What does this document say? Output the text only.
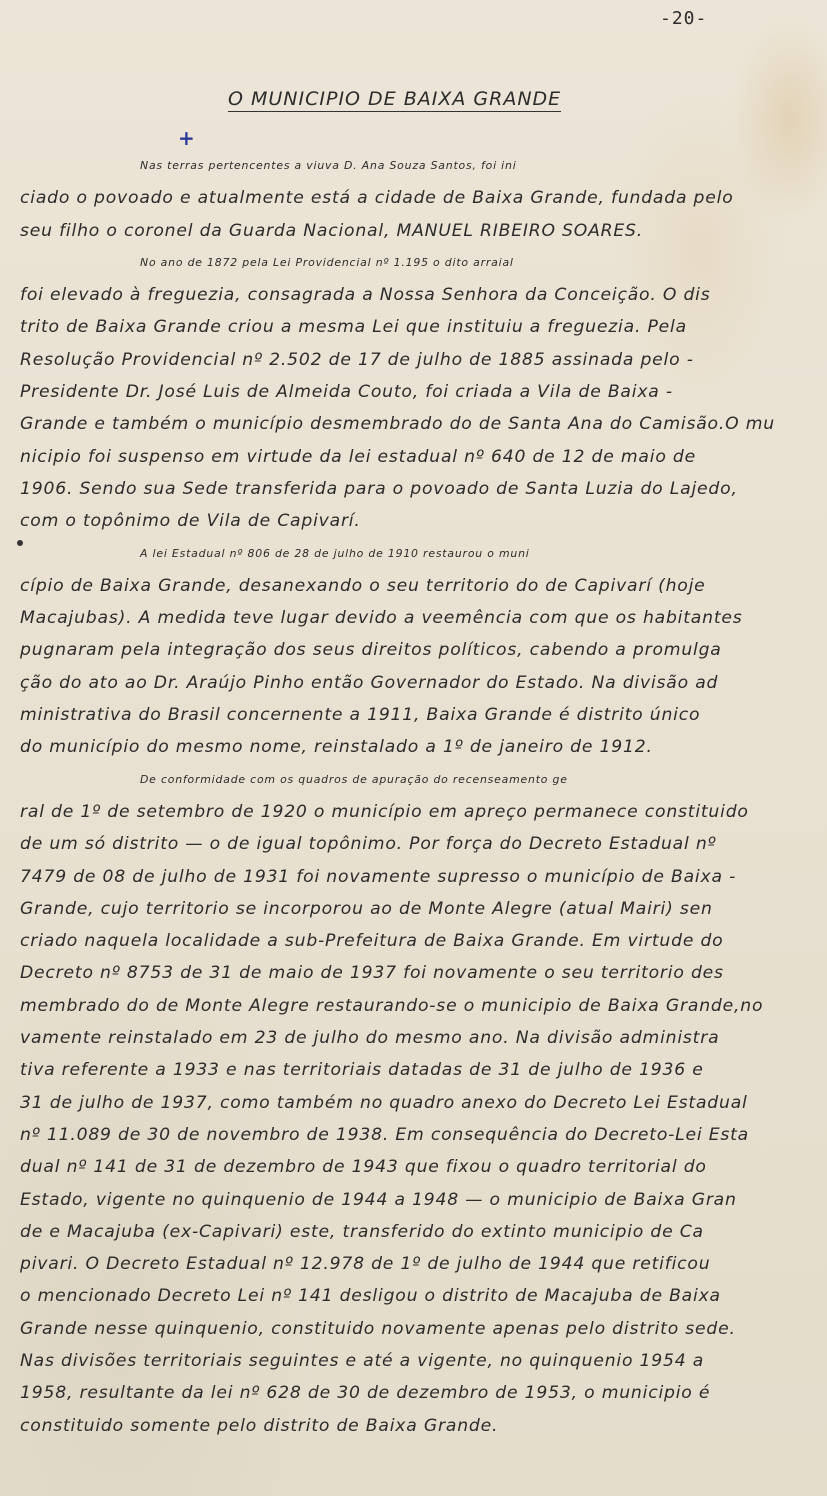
-20-
O MUNICIPIO DE BAIXA GRANDE
+
Nas terras pertencentes a viuva D. Ana Souza Santos, foi ini
ciado o povoado e atualmente está a cidade de Baixa Grande, fundada pelo
seu filho o coronel da Guarda Nacional, MANUEL RIBEIRO SOARES.
No ano de 1872 pela Lei Providencial nº 1.195 o dito arraial
foi elevado à freguezia, consagrada a Nossa Senhora da Conceição. O dis
trito de Baixa Grande criou a mesma Lei que instituiu a freguezia. Pela
Resolução Providencial nº 2.502 de 17 de julho de 1885 assinada pelo -
Presidente Dr. José Luis de Almeida Couto, foi criada a Vila de Baixa -
Grande e também o município desmembrado do de Santa Ana do Camisão.O mu
nicipio foi suspenso em virtude da lei estadual nº 640 de 12 de maio de
1906. Sendo sua Sede transferida para o povoado de Santa Luzia do Lajedo,
com o topônimo de Vila de Capivarí.
A lei Estadual nº 806 de 28 de julho de 1910 restaurou o muni
cípio de Baixa Grande, desanexando o seu territorio do de Capivarí (hoje
Macajubas). A medida teve lugar devido a veemência com que os habitantes
pugnaram pela integração dos seus direitos políticos, cabendo a promulga
ção do ato ao Dr. Araújo Pinho então Governador do Estado. Na divisão ad
ministrativa do Brasil concernente a 1911, Baixa Grande é distrito único
do município do mesmo nome, reinstalado a 1º de janeiro de 1912.
De conformidade com os quadros de apuração do recenseamento ge
ral de 1º de setembro de 1920 o município em apreço permanece constituido
de um só distrito — o de igual topônimo. Por força do Decreto Estadual nº
7479 de 08 de julho de 1931 foi novamente supresso o município de Baixa -
Grande, cujo territorio se incorporou ao de Monte Alegre (atual Mairi) sen
criado naquela localidade a sub-Prefeitura de Baixa Grande. Em virtude do
Decreto nº 8753 de 31 de maio de 1937 foi novamente o seu territorio des
membrado do de Monte Alegre restaurando-se o municipio de Baixa Grande,no
vamente reinstalado em 23 de julho do mesmo ano. Na divisão administra
tiva referente a 1933 e nas territoriais datadas de 31 de julho de 1936 e
31 de julho de 1937, como também no quadro anexo do Decreto Lei Estadual
nº 11.089 de 30 de novembro de 1938. Em consequência do Decreto-Lei Esta
dual nº 141 de 31 de dezembro de 1943 que fixou o quadro territorial do
Estado, vigente no quinquenio de 1944 a 1948 — o municipio de Baixa Gran
de e Macajuba (ex-Capivari) este, transferido do extinto municipio de Ca
pivari. O Decreto Estadual nº 12.978 de 1º de julho de 1944 que retificou
o mencionado Decreto Lei nº 141 desligou o distrito de Macajuba de Baixa
Grande nesse quinquenio, constituido novamente apenas pelo distrito sede.
Nas divisões territoriais seguintes e até a vigente, no quinquenio 1954 a
1958, resultante da lei nº 628 de 30 de dezembro de 1953, o municipio é
constituido somente pelo distrito de Baixa Grande.
